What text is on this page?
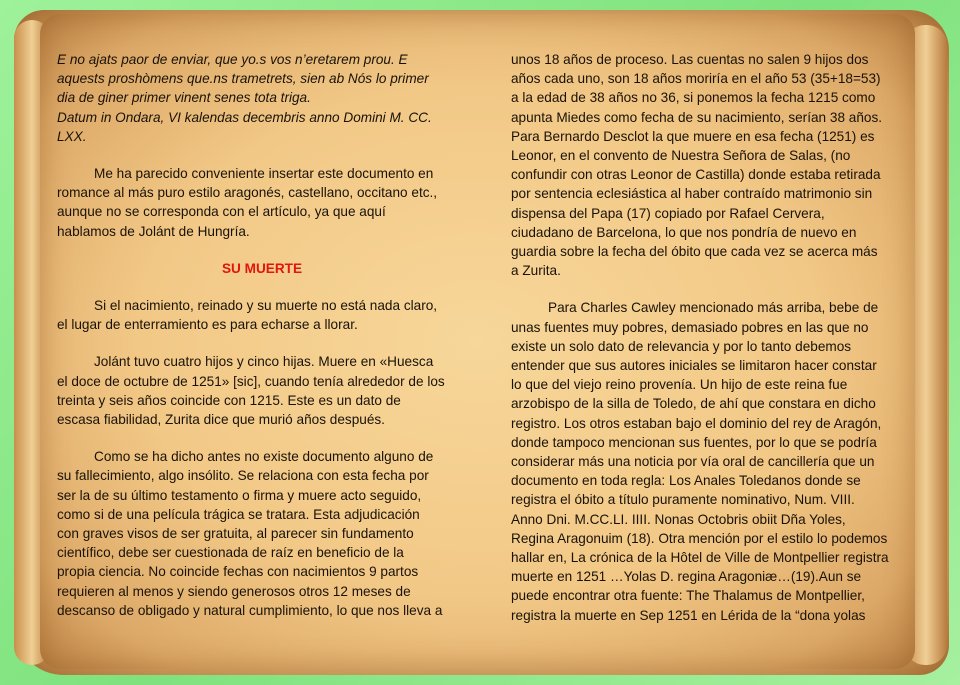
E no ajats paor de enviar, que yo.s vos n’eretarem prou. E
aquests proshòmens que.ns trametrets, sien ab Nós lo primer
dia de giner primer vinent senes tota triga.
Datum in Ondara, VI kalendas decembris anno Domini M. CC.
LXX.
Me ha parecido conveniente insertar este documento en
romance al más puro estilo aragonés, castellano, occitano etc.,
aunque no se corresponda con el artículo, ya que aquí
hablamos de Jolánt de Hungría.
SU MUERTE
Si el nacimiento, reinado y su muerte no está nada claro,
el lugar de enterramiento es para echarse a llorar.
Jolánt tuvo cuatro hijos y cinco hijas. Muere en «Huesca
el doce de octubre de 1251» [sic], cuando tenía alrededor de los
treinta y seis años coincide con 1215. Este es un dato de
escasa fiabilidad, Zurita dice que murió años después.
Como se ha dicho antes no existe documento alguno de
su fallecimiento, algo insólito. Se relaciona con esta fecha por
ser la de su último testamento o firma y muere acto seguido,
como si de una película trágica se tratara. Esta adjudicación
con graves visos de ser gratuita, al parecer sin fundamento
científico, debe ser cuestionada de raíz en beneficio de la
propia ciencia. No coincide fechas con nacimientos 9 partos
requieren al menos y siendo generosos otros 12 meses de
descanso de obligado y natural cumplimiento, lo que nos lleva a
unos 18 años de proceso. Las cuentas no salen 9 hijos dos
años cada uno, son 18 años moriría en el año 53 (35+18=53)
a la edad de 38 años no 36, si ponemos la fecha 1215 como
apunta Miedes como fecha de su nacimiento, serían 38 años.
Para Bernardo Desclot la que muere en esa fecha (1251) es
Leonor, en el convento de Nuestra Señora de Salas, (no
confundir con otras Leonor de Castilla) donde estaba retirada
por sentencia eclesiástica al haber contraído matrimonio sin
dispensa del Papa (17) copiado por Rafael Cervera,
ciudadano de Barcelona, lo que nos pondría de nuevo en
guardia sobre la fecha del óbito que cada vez se acerca más
a Zurita.
Para Charles Cawley mencionado más arriba, bebe de
unas fuentes muy pobres, demasiado pobres en las que no
existe un solo dato de relevancia y por lo tanto debemos
entender que sus autores iniciales se limitaron hacer constar
lo que del viejo reino provenía. Un hijo de este reina fue
arzobispo de la silla de Toledo, de ahí que constara en dicho
registro. Los otros estaban bajo el dominio del rey de Aragón,
donde tampoco mencionan sus fuentes, por lo que se podría
considerar más una noticia por vía oral de cancillería que un
documento en toda regla: Los Anales Toledanos donde se
registra el óbito a título puramente nominativo, Num. VIII.
Anno Dni. M.CC.LI. IIII. Nonas Octobris obiit Dña Yoles,
Regina Aragonuim (18). Otra mención por el estilo lo podemos
hallar en, La crónica de la Hôtel de Ville de Montpellier registra
muerte en 1251 …Yolas D. regina Aragoniæ…(19).Aun se
puede encontrar otra fuente: The Thalamus de Montpellier,
registra la muerte en Sep 1251 en Lérida de la “dona yolas
